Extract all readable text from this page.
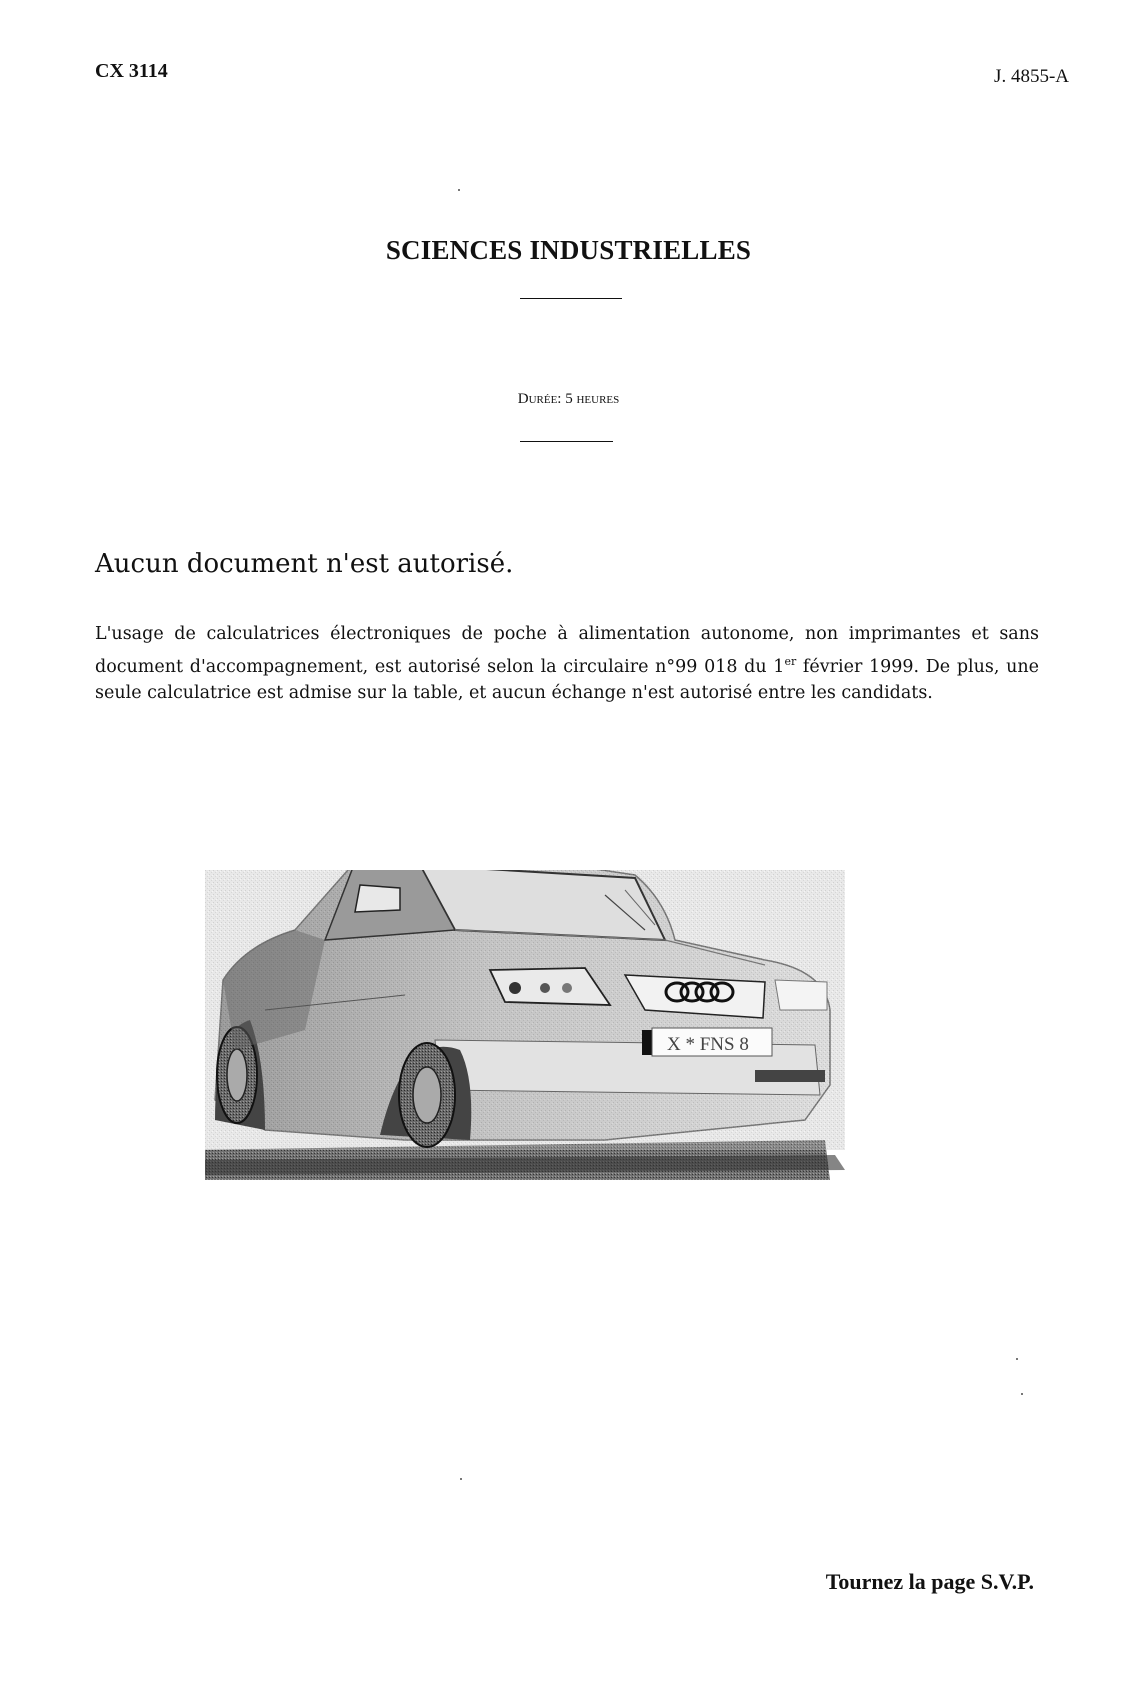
CX 3114	J. 4855-A
SCIENCES INDUSTRIELLES
Durée: 5 heures
Aucun document n'est autorisé.

L'usage de calculatrices électroniques de poche à alimentation autonome, non imprimantes et sans document d'accompagnement, est autorisé selon la circulaire n°99 018 du 1er février 1999. De plus, une seule calculatrice est admise sur la table, et aucun échange n'est autorisé entre les candidats.

X * FNS 8
Tournez la page S.V.P.
